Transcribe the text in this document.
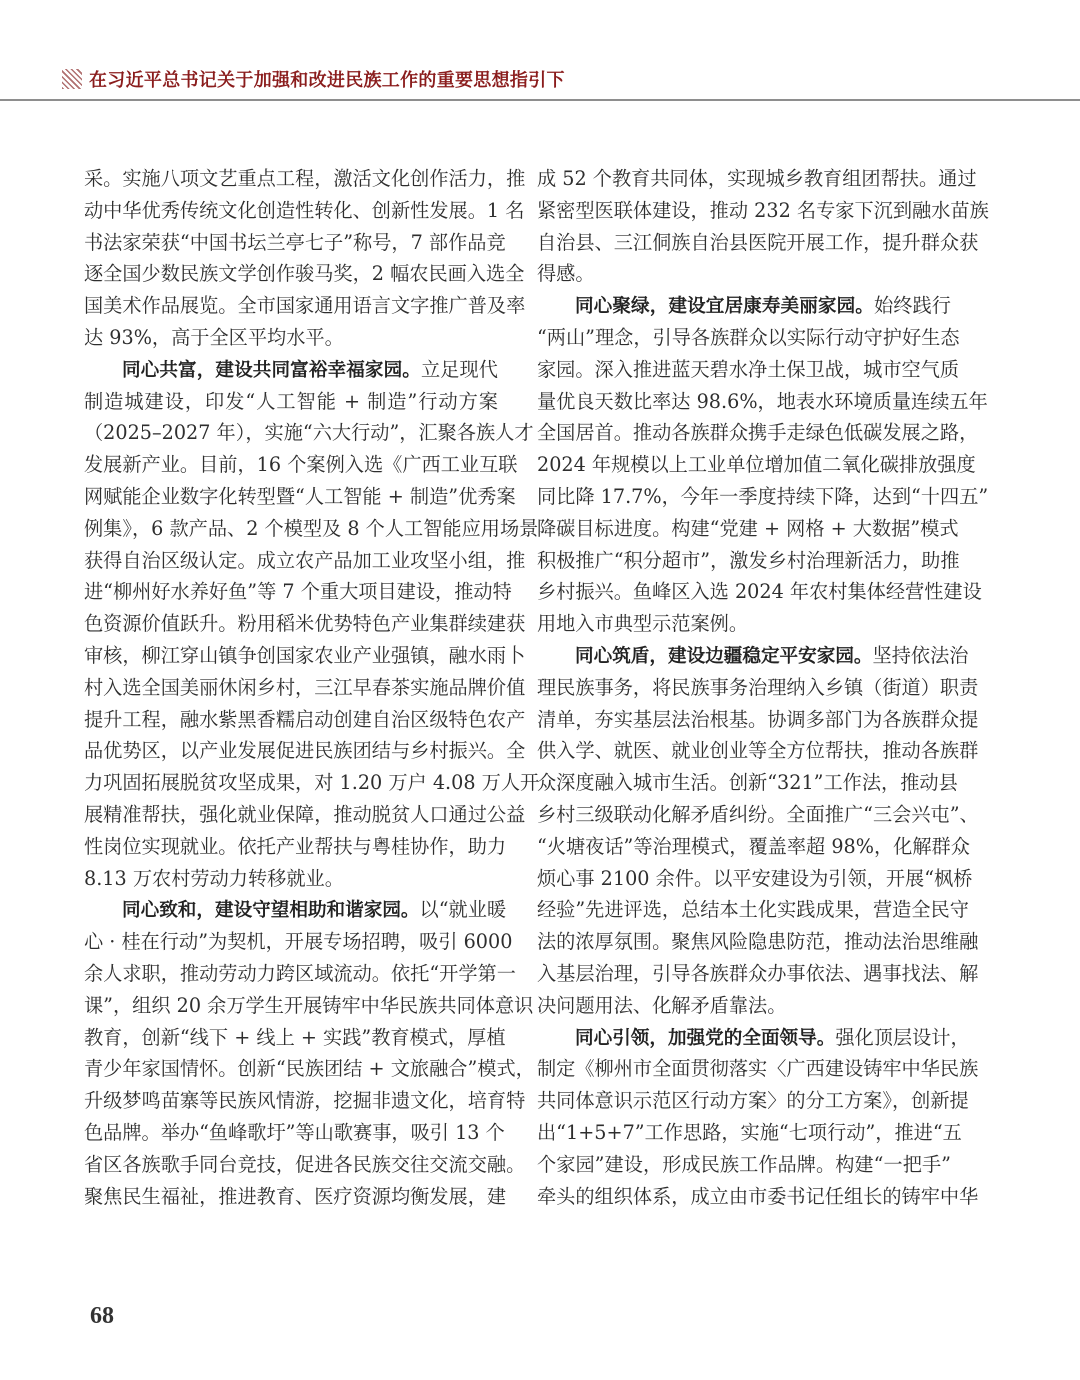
在习近平总书记关于加强和改进民族工作的重要思想指引下
采。实施八项文艺重点工程，激活文化创作活力，推
动中华优秀传统文化创造性转化、创新性发展。1 名
书法家荣获“中国书坛兰亭七子”称号，7 部作品竞
逐全国少数民族文学创作骏马奖，2 幅农民画入选全
国美术作品展览。全市国家通用语言文字推广普及率
达 93%，高于全区平均水平。
同心共富，建设共同富裕幸福家园。立足现代
制造城建设，印发“人工智能 + 制造”行动方案
（2025–2027 年），实施“六大行动”，汇聚各族人才
发展新产业。目前，16 个案例入选《广西工业互联
网赋能企业数字化转型暨“人工智能 + 制造”优秀案
例集》，6 款产品、2 个模型及 8 个人工智能应用场景
获得自治区级认定。成立农产品加工业攻坚小组，推
进“柳州好水养好鱼”等 7 个重大项目建设，推动特
色资源价值跃升。粉用稻米优势特色产业集群续建获
审核，柳江穿山镇争创国家农业产业强镇，融水雨卜
村入选全国美丽休闲乡村，三江早春茶实施品牌价值
提升工程，融水紫黑香糯启动创建自治区级特色农产
品优势区，以产业发展促进民族团结与乡村振兴。全
力巩固拓展脱贫攻坚成果，对 1.20 万户 4.08 万人开
展精准帮扶，强化就业保障，推动脱贫人口通过公益
性岗位实现就业。依托产业帮扶与粤桂协作，助力
8.13 万农村劳动力转移就业。
同心致和，建设守望相助和谐家园。以“就业暖
心 · 桂在行动”为契机，开展专场招聘，吸引 6000
余人求职，推动劳动力跨区域流动。依托“开学第一
课”，组织 20 余万学生开展铸牢中华民族共同体意识
教育，创新“线下 + 线上 + 实践”教育模式，厚植
青少年家国情怀。创新“民族团结 + 文旅融合”模式，
升级梦鸣苗寨等民族风情游，挖掘非遗文化，培育特
色品牌。举办“鱼峰歌圩”等山歌赛事，吸引 13 个
省区各族歌手同台竞技，促进各民族交往交流交融。
聚焦民生福祉，推进教育、医疗资源均衡发展，建
成 52 个教育共同体，实现城乡教育组团帮扶。通过
紧密型医联体建设，推动 232 名专家下沉到融水苗族
自治县、三江侗族自治县医院开展工作，提升群众获
得感。
同心聚绿，建设宜居康寿美丽家园。始终践行
“两山”理念，引导各族群众以实际行动守护好生态
家园。深入推进蓝天碧水净土保卫战，城市空气质
量优良天数比率达 98.6%，地表水环境质量连续五年
全国居首。推动各族群众携手走绿色低碳发展之路，
2024 年规模以上工业单位增加值二氧化碳排放强度
同比降 17.7%，今年一季度持续下降，达到“十四五”
降碳目标进度。构建“党建 + 网格 + 大数据”模式
积极推广“积分超市”，激发乡村治理新活力，助推
乡村振兴。鱼峰区入选 2024 年农村集体经营性建设
用地入市典型示范案例。
同心筑盾，建设边疆稳定平安家园。坚持依法治
理民族事务，将民族事务治理纳入乡镇（街道）职责
清单，夯实基层法治根基。协调多部门为各族群众提
供入学、就医、就业创业等全方位帮扶，推动各族群
众深度融入城市生活。创新“321”工作法，推动县
乡村三级联动化解矛盾纠纷。全面推广“三会兴屯”、
“火塘夜话”等治理模式，覆盖率超 98%，化解群众
烦心事 2100 余件。以平安建设为引领，开展“枫桥
经验”先进评选，总结本土化实践成果，营造全民守
法的浓厚氛围。聚焦风险隐患防范，推动法治思维融
入基层治理，引导各族群众办事依法、遇事找法、解
决问题用法、化解矛盾靠法。
同心引领，加强党的全面领导。强化顶层设计，
制定《柳州市全面贯彻落实〈广西建设铸牢中华民族
共同体意识示范区行动方案〉的分工方案》，创新提
出“1+5+7”工作思路，实施“七项行动”，推进“五
个家园”建设，形成民族工作品牌。构建“一把手”
牵头的组织体系，成立由市委书记任组长的铸牢中华
68
